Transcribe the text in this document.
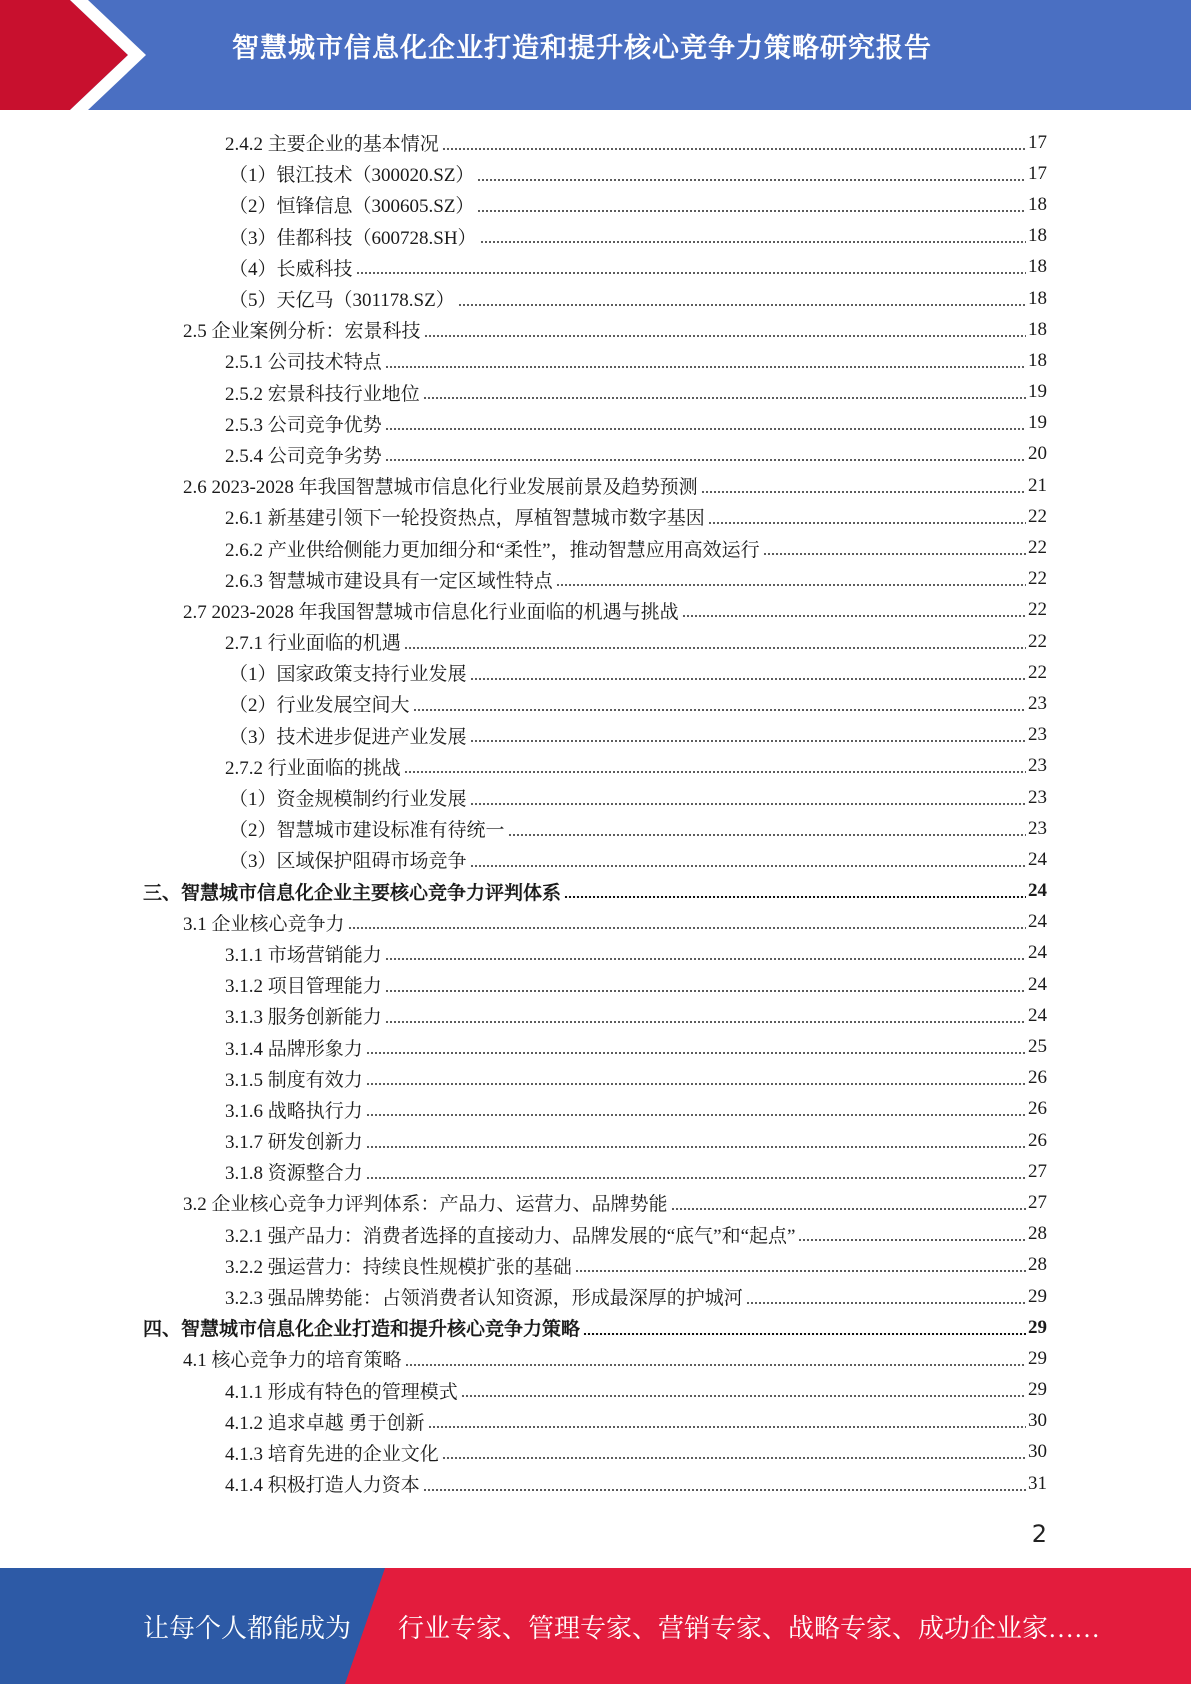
智慧城市信息化企业打造和提升核心竞争力策略研究报告
2.4.2 主要企业的基本情况	17
（1）银江技术（300020.SZ）	17
（2）恒锋信息（300605.SZ）	18
（3）佳都科技（600728.SH）	18
（4）长威科技	18
（5）天亿马（301178.SZ）	18
2.5 企业案例分析：宏景科技	18
2.5.1 公司技术特点	18
2.5.2 宏景科技行业地位	19
2.5.3 公司竞争优势	19
2.5.4 公司竞争劣势	20
2.6 2023-2028 年我国智慧城市信息化行业发展前景及趋势预测	21
2.6.1 新基建引领下一轮投资热点，厚植智慧城市数字基因	22
2.6.2 产业供给侧能力更加细分和“柔性”，推动智慧应用高效运行	22
2.6.3 智慧城市建设具有一定区域性特点	22
2.7 2023-2028 年我国智慧城市信息化行业面临的机遇与挑战	22
2.7.1 行业面临的机遇	22
（1）国家政策支持行业发展	22
（2）行业发展空间大	23
（3）技术进步促进产业发展	23
2.7.2 行业面临的挑战	23
（1）资金规模制约行业发展	23
（2）智慧城市建设标准有待统一	23
（3）区域保护阻碍市场竞争	24
三、智慧城市信息化企业主要核心竞争力评判体系	24
3.1 企业核心竞争力	24
3.1.1 市场营销能力	24
3.1.2 项目管理能力	24
3.1.3 服务创新能力	24
3.1.4 品牌形象力	25
3.1.5 制度有效力	26
3.1.6 战略执行力	26
3.1.7 研发创新力	26
3.1.8 资源整合力	27
3.2 企业核心竞争力评判体系：产品力、运营力、品牌势能	27
3.2.1 强产品力：消费者选择的直接动力、品牌发展的“底气”和“起点”	28
3.2.2 强运营力：持续良性规模扩张的基础	28
3.2.3 强品牌势能：占领消费者认知资源，形成最深厚的护城河	29
四、智慧城市信息化企业打造和提升核心竞争力策略	29
4.1 核心竞争力的培育策略	29
4.1.1 形成有特色的管理模式	29
4.1.2 追求卓越 勇于创新	30
4.1.3 培育先进的企业文化	30
4.1.4 积极打造人力资本	31
2
让每个人都能成为 行业专家、管理专家、营销专家、战略专家、成功企业家……
